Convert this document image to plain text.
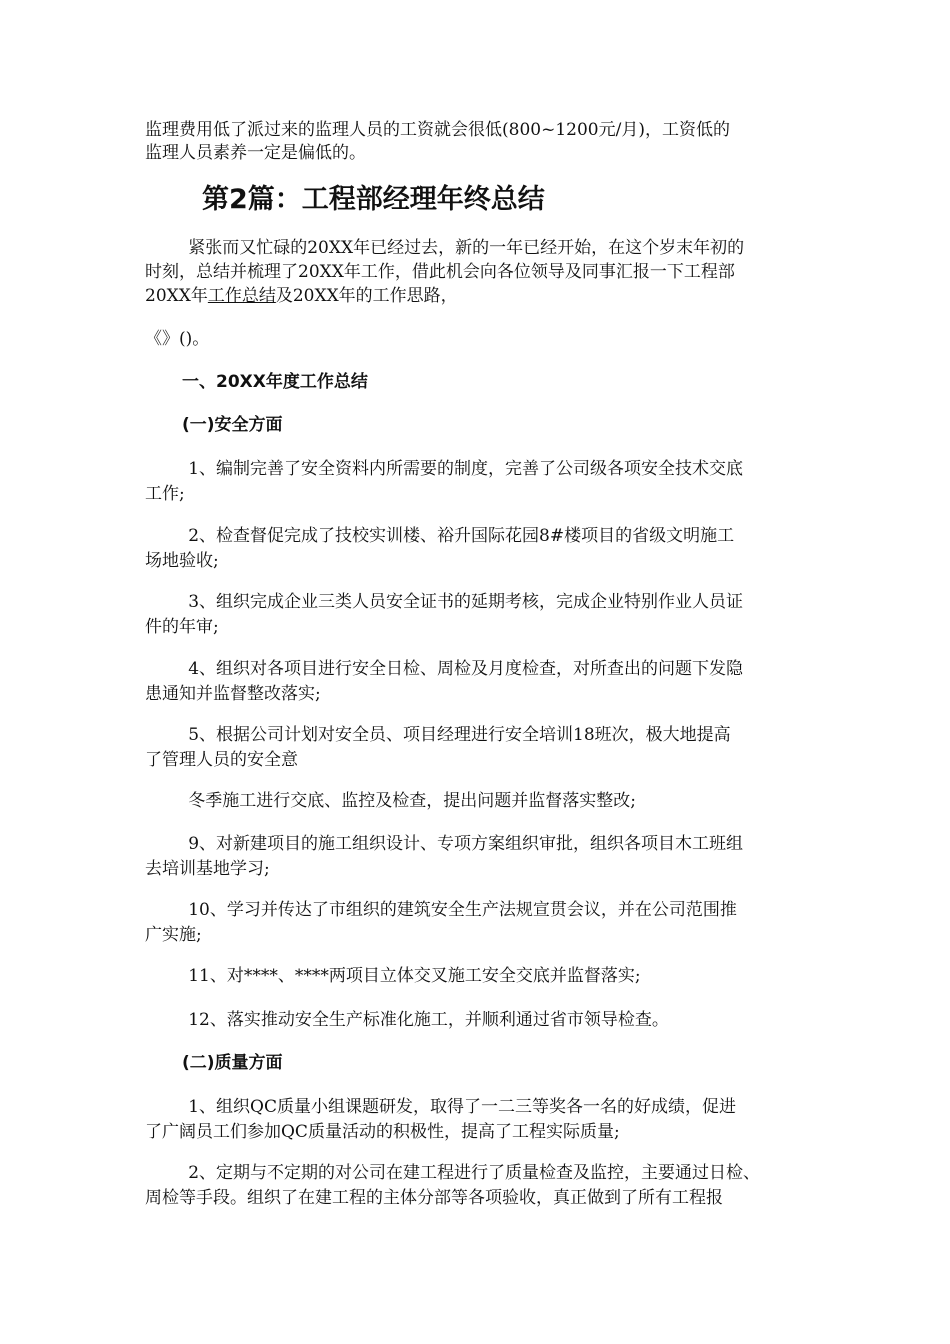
监理费用低了派过来的监理人员的工资就会很低(800~1200元/月)，工资低的

监理人员素养一定是偏低的。

第2篇：工程部经理年终总结

紧张而又忙碌的20XX年已经过去，新的一年已经开始，在这个岁末年初的

时刻，总结并梳理了20XX年工作，借此机会向各位领导及同事汇报一下工程部

20XX年工作总结及20XX年的工作思路，

《》()。

一、20XX年度工作总结
(一)安全方面

1、编制完善了安全资料内所需要的制度，完善了公司级各项安全技术交底
工作;

2、检查督促完成了技校实训楼、裕升国际花园8#楼项目的省级文明施工
场地验收;

3、组织完成企业三类人员安全证书的延期考核，完成企业特别作业人员证
件的年审;

4、组织对各项目进行安全日检、周检及月度检查，对所查出的问题下发隐
患通知并监督整改落实;

5、根据公司计划对安全员、项目经理进行安全培训18班次，极大地提高
了管理人员的安全意

冬季施工进行交底、监控及检查，提出问题并监督落实整改;

9、对新建项目的施工组织设计、专项方案组织审批，组织各项目木工班组
去培训基地学习;

10、学习并传达了市组织的建筑安全生产法规宣贯会议，并在公司范围推
广实施;

11、对****、****两项目立体交叉施工安全交底并监督落实;

12、落实推动安全生产标准化施工，并顺利通过省市领导检查。

(二)质量方面

1、组织QC质量小组课题研发，取得了一二三等奖各一名的好成绩，促进
了广阔员工们参加QC质量活动的积极性，提高了工程实际质量;

2、定期与不定期的对公司在建工程进行了质量检查及监控，主要通过日检、
周检等手段。组织了在建工程的主体分部等各项验收，真正做到了所有工程报
